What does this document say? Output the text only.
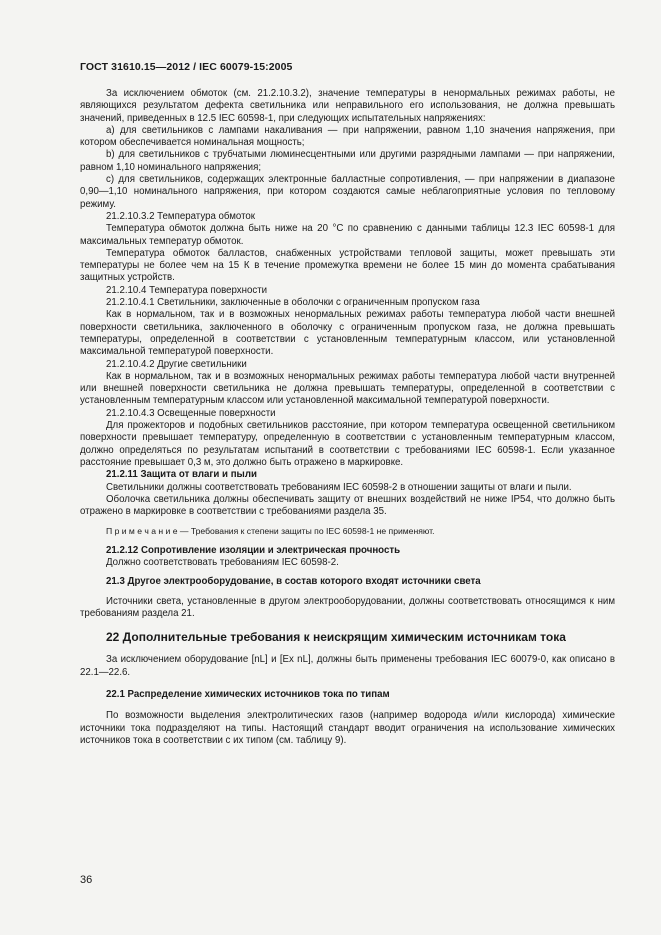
ГОСТ 31610.15—2012 / IEC 60079-15:2005

За исключением обмоток (см. 21.2.10.3.2), значение температуры в ненормальных режимах работы, не являющихся результатом дефекта светильника или неправильного его использования, не должна превышать значений, приведенных в 12.5 IEC 60598-1, при следующих испытательных напряжениях:

a) для светильников с лампами накаливания — при напряжении, равном 1,10 значения напряжения, при котором обеспечивается номинальная мощность;

b) для светильников с трубчатыми люминесцентными или другими разрядными лампами — при напряжении, равном 1,10 номинального напряжения;

c) для светильников, содержащих электронные балластные сопротивления, — при напряжении в диапазоне 0,90—1,10 номинального напряжения, при котором создаются самые неблагоприятные условия по тепловому режиму.

21.2.10.3.2 Температура обмоток

Температура обмоток должна быть ниже на 20 °С по сравнению с данными таблицы 12.3 IEC 60598-1 для максимальных температур обмоток.

Температура обмоток балластов, снабженных устройствами тепловой защиты, может превышать эти температуры не более чем на 15 К в течение промежутка времени не более 15 мин до момента срабатывания защитных устройств.

21.2.10.4 Температура поверхности

21.2.10.4.1 Светильники, заключенные в оболочки с ограниченным пропуском газа

Как в нормальном, так и в возможных ненормальных режимах работы температура любой части внешней поверхности светильника, заключенного в оболочку с ограниченным пропуском газа, не должна превышать температуры, определенной в соответствии с установленным температурным классом, или установленной максимальной температурой поверхности.

21.2.10.4.2 Другие светильники

Как в нормальном, так и в возможных ненормальных режимах работы температура любой части внутренней или внешней поверхности светильника не должна превышать температуры, определенной в соответствии с установленным температурным классом или установленной максимальной температурой поверхности.

21.2.10.4.3 Освещенные поверхности

Для прожекторов и подобных светильников расстояние, при котором температура освещенной светильником поверхности превышает температуру, определенную в соответствии с установленным температурным классом, должно определяться по результатам испытаний в соответствии с требованиями IEC 60598-1. Если указанное расстояние превышает 0,3 м, это должно быть отражено в маркировке.

21.2.11 Защита от влаги и пыли

Светильники должны соответствовать требованиям IEC 60598-2 в отношении защиты от влаги и пыли.

Оболочка светильника должны обеспечивать защиту от внешних воздействий не ниже IP54, что должно быть отражено в маркировке в соответствии с требованиями раздела 35.

П р и м е ч а н и е — Требования к степени защиты по IEC 60598-1 не применяют.

21.2.12 Сопротивление изоляции и электрическая прочность

Должно соответствовать требованиям IEC 60598-2.

21.3 Другое электрооборудование, в состав которого входят источники света

Источники света, установленные в другом электрооборудовании, должны соответствовать относящимся к ним требованиям раздела 21.

22 Дополнительные требования к неискрящим химическим источникам тока

За исключением оборудование [nL] и [Ex nL], должны быть применены требования IEC 60079-0, как описано в 22.1—22.6.

22.1 Распределение химических источников тока по типам

По возможности выделения электролитических газов (например водорода и/или кислорода) химические источники тока подразделяют на типы. Настоящий стандарт вводит ограничения на использование химических источников тока в соответствии с их типом (см. таблицу 9).

36
